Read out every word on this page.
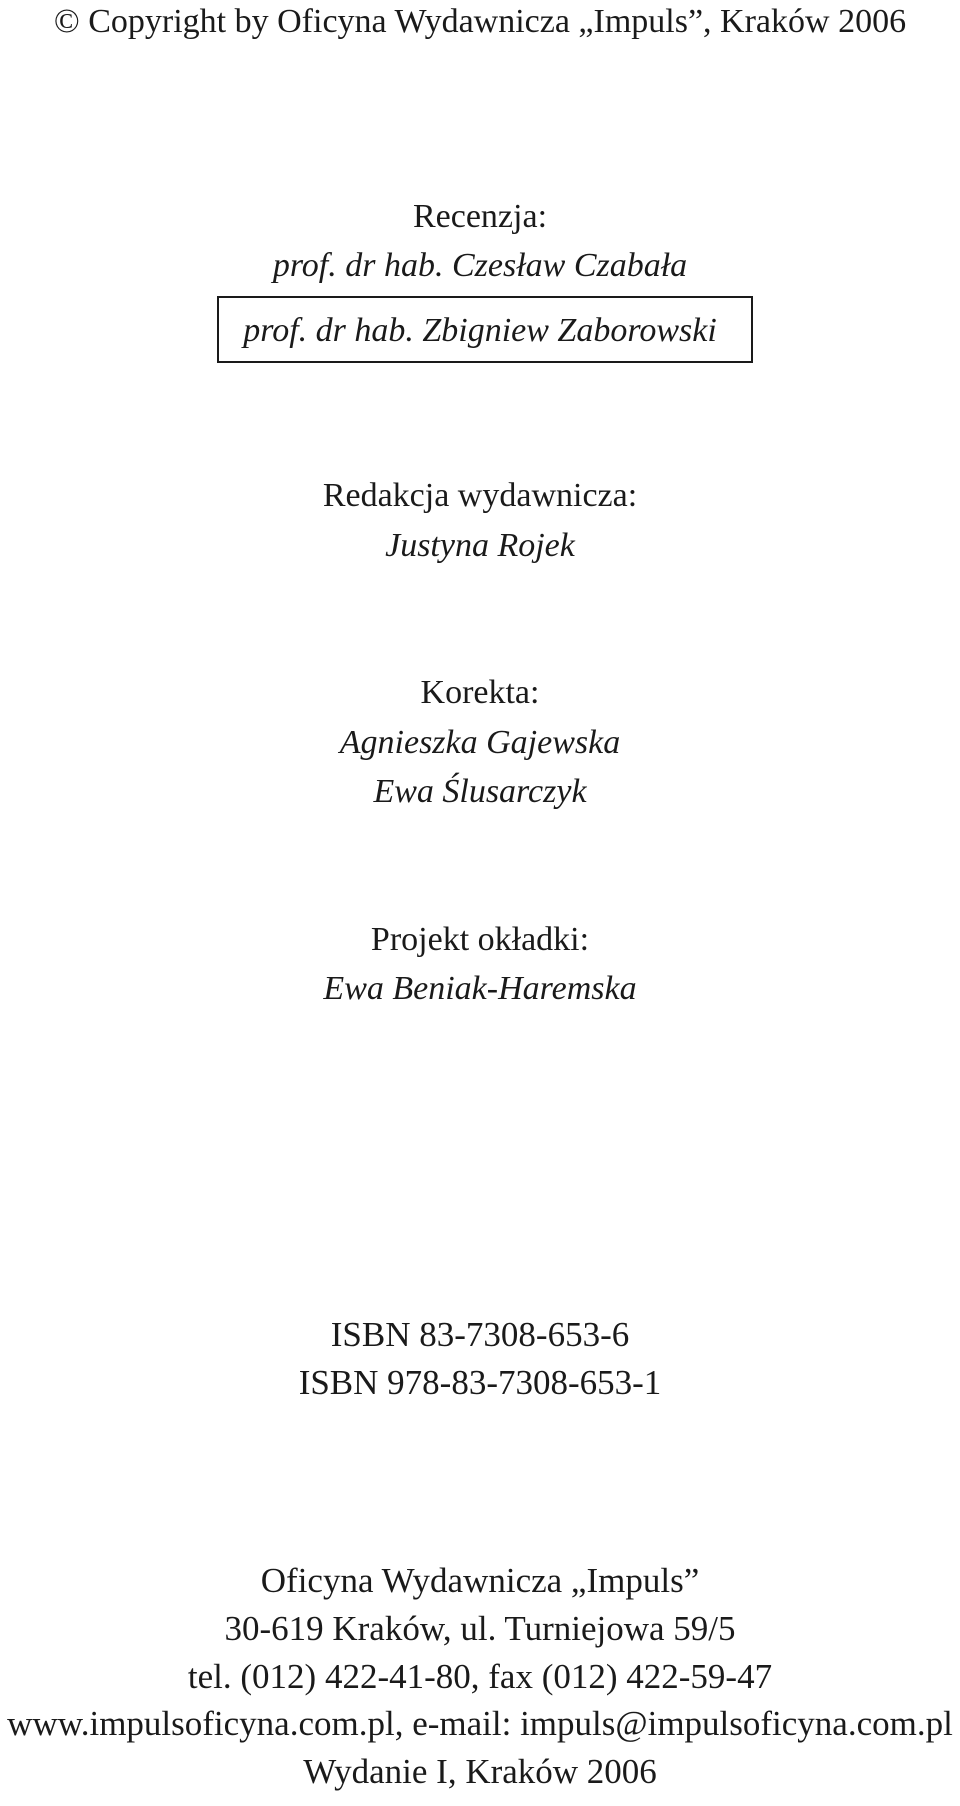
© Copyright by Oficyna Wydawnicza „Impuls”, Kraków 2006
Recenzja:
prof. dr hab. Czesław Czabała
prof. dr hab. Zbigniew Zaborowski
Redakcja wydawnicza:
Justyna Rojek
Korekta:
Agnieszka Gajewska
Ewa Ślusarczyk
Projekt okładki:
Ewa Beniak-Haremska
ISBN 83-7308-653-6
ISBN 978-83-7308-653-1
Oficyna Wydawnicza „Impuls”
30-619 Kraków, ul. Turniejowa 59/5
tel. (012) 422-41-80, fax (012) 422-59-47
www.impulsoficyna.com.pl, e-mail: impuls@impulsoficyna.com.pl
Wydanie I, Kraków 2006
